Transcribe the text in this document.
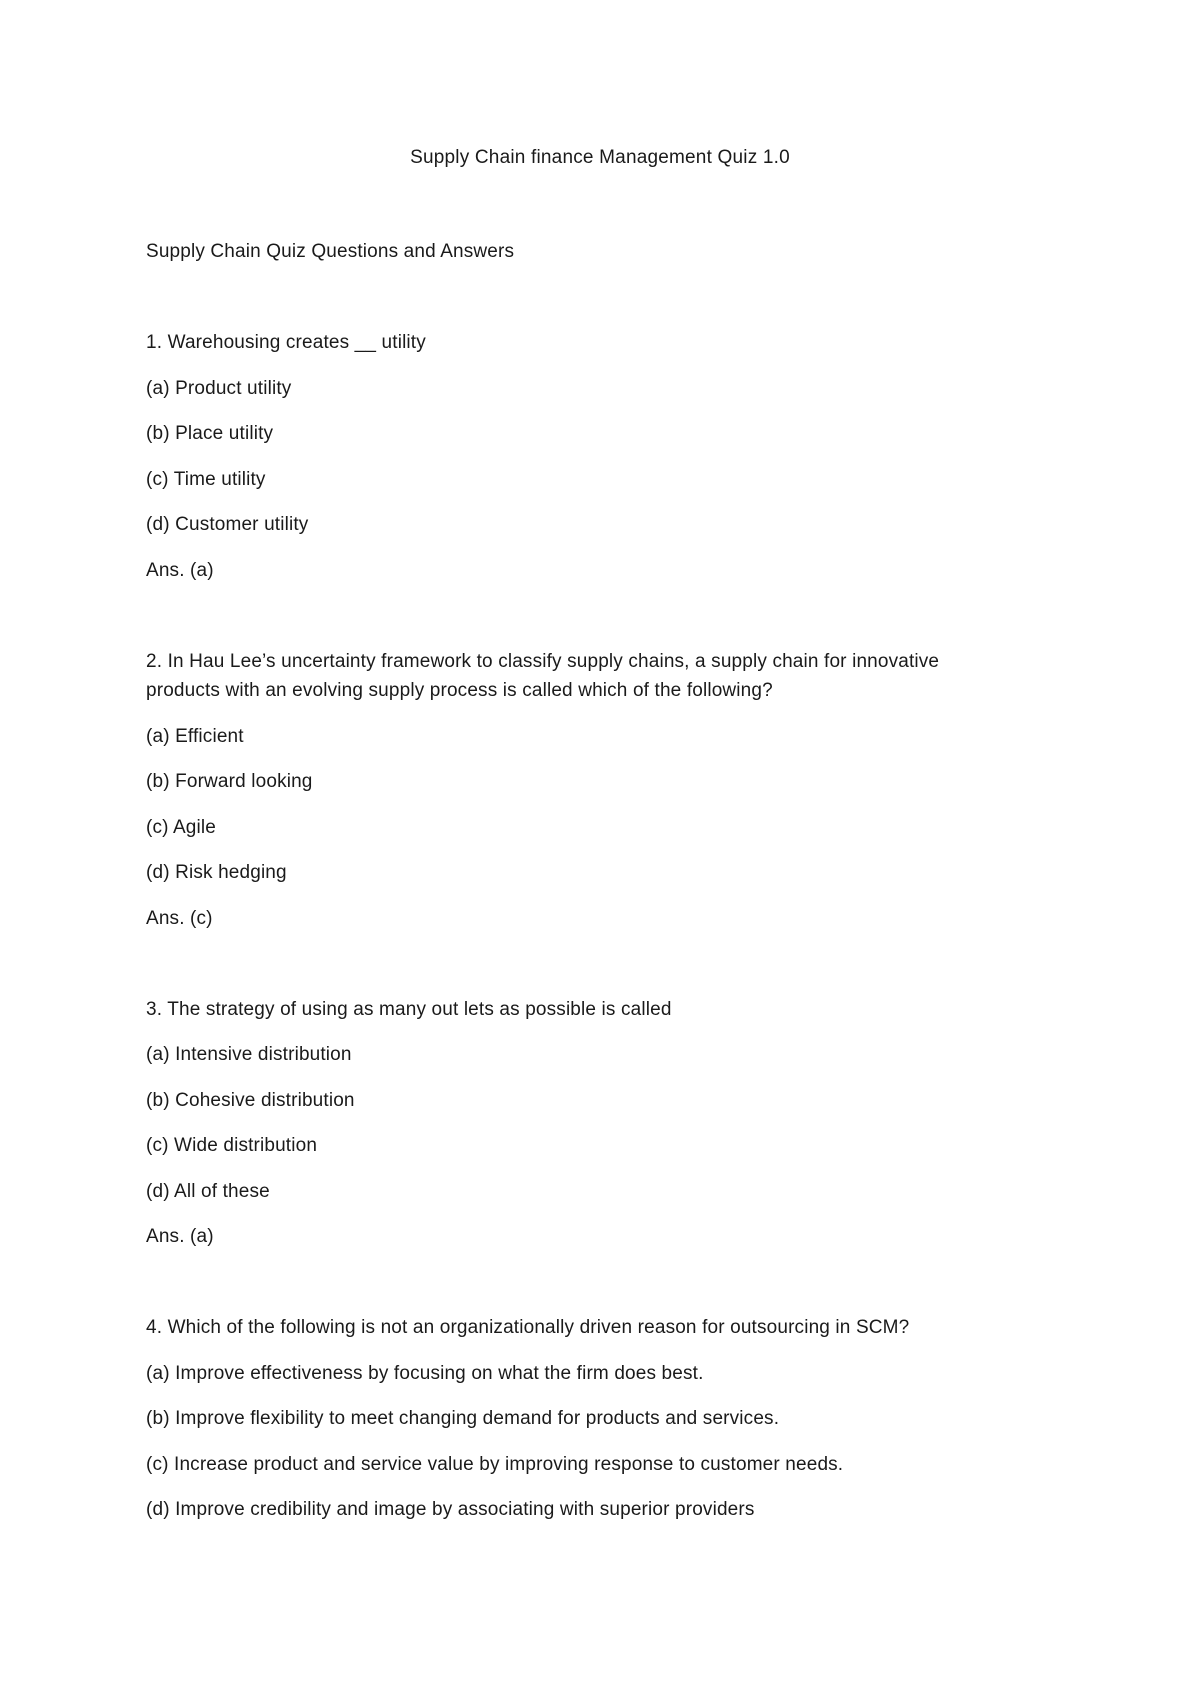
Supply Chain finance Management Quiz 1.0
Supply Chain Quiz Questions and Answers
1. Warehousing creates __ utility
(a) Product utility
(b) Place utility
(c) Time utility
(d) Customer utility
Ans. (a)
2. In Hau Lee’s uncertainty framework to classify supply chains, a supply chain for innovative
products with an evolving supply process is called which of the following?
(a) Efficient
(b) Forward looking
(c) Agile
(d) Risk hedging
Ans. (c)
3. The strategy of using as many out lets as possible is called
(a) Intensive distribution
(b) Cohesive distribution
(c) Wide distribution
(d) All of these
Ans. (a)
4. Which of the following is not an organizationally driven reason for outsourcing in SCM?
(a) Improve effectiveness by focusing on what the firm does best.
(b) Improve flexibility to meet changing demand for products and services.
(c) Increase product and service value by improving response to customer needs.
(d) Improve credibility and image by associating with superior providers
